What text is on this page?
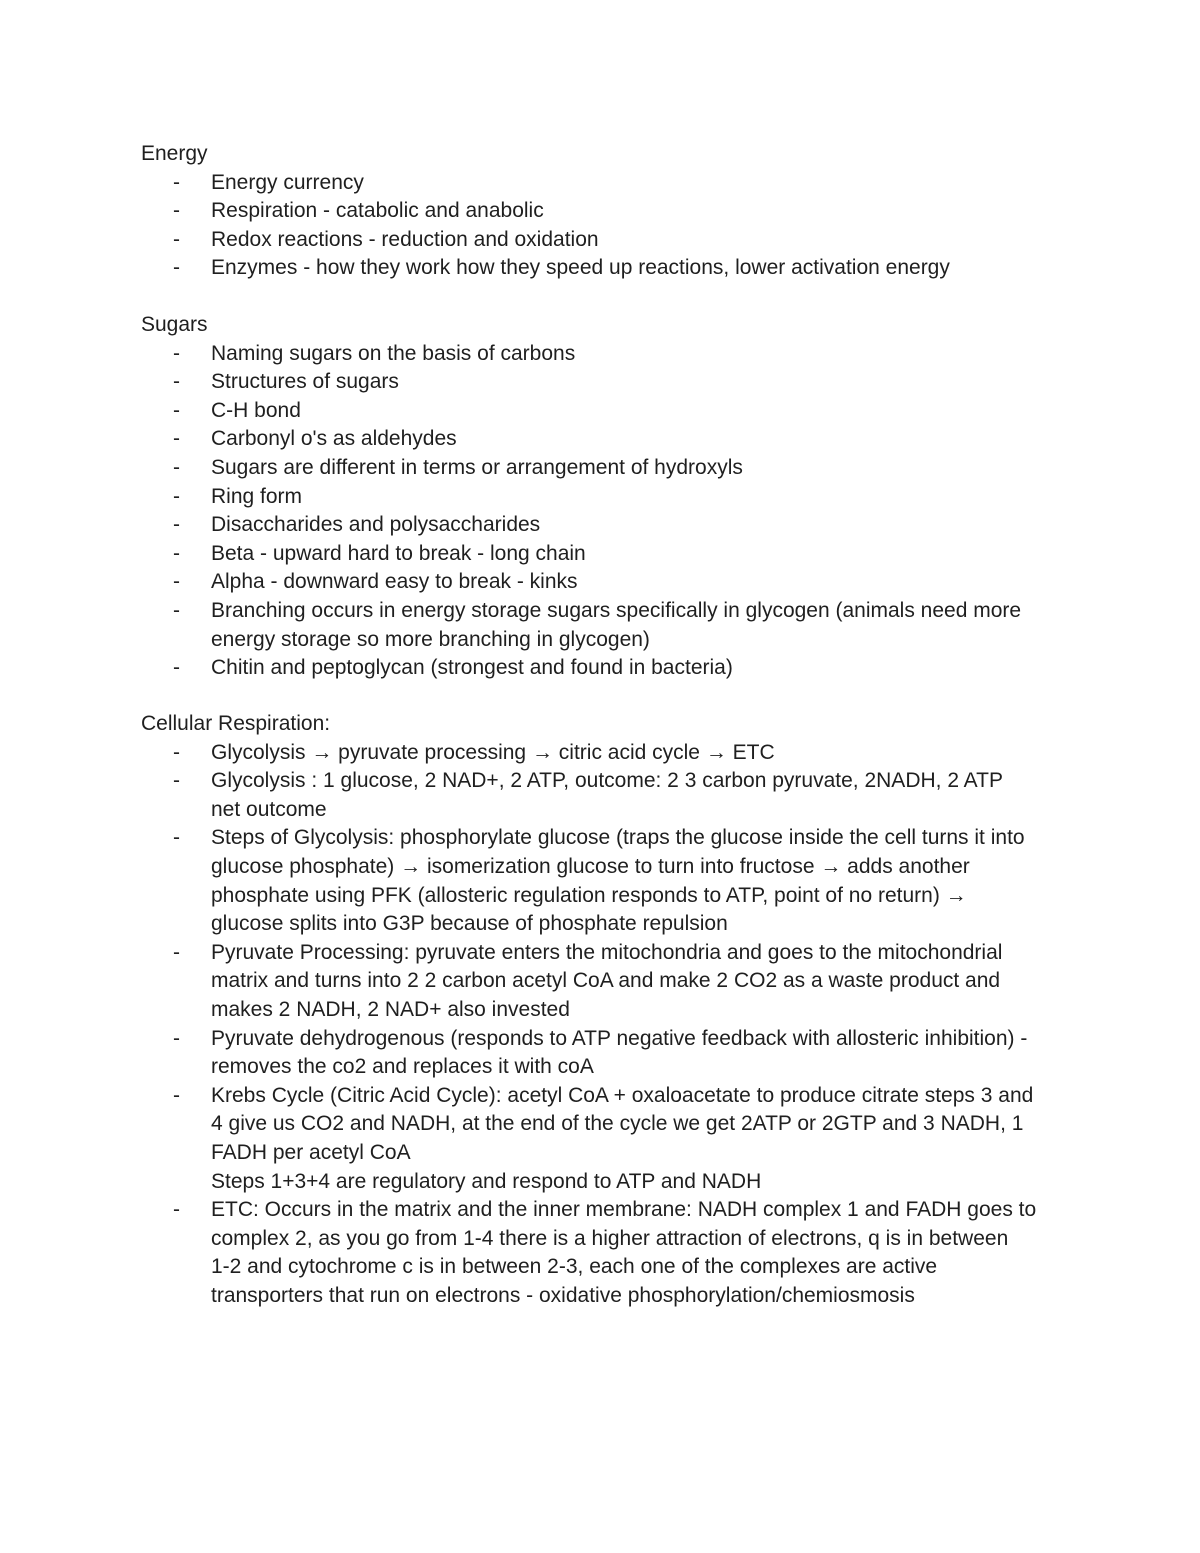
Energy
- Energy currency
- Respiration - catabolic and anabolic
- Redox reactions - reduction and oxidation
- Enzymes - how they work how they speed up reactions, lower activation energy
Sugars
- Naming sugars on the basis of carbons
- Structures of sugars
- C-H bond
- Carbonyl o's as aldehydes
- Sugars are different in terms or arrangement of hydroxyls
- Ring form
- Disaccharides and polysaccharides
- Beta - upward hard to break - long chain
- Alpha - downward easy to break - kinks
- Branching occurs in energy storage sugars specifically in glycogen (animals need more
energy storage so more branching in glycogen)
- Chitin and peptoglycan (strongest and found in bacteria)
Cellular Respiration:
- Glycolysis → pyruvate processing → citric acid cycle → ETC
- Glycolysis : 1 glucose, 2 NAD+, 2 ATP, outcome: 2 3 carbon pyruvate, 2NADH, 2 ATP
net outcome
- Steps of Glycolysis: phosphorylate glucose (traps the glucose inside the cell turns it into
glucose phosphate) → isomerization glucose to turn into fructose → adds another
phosphate using PFK (allosteric regulation responds to ATP, point of no return) →
glucose splits into G3P because of phosphate repulsion
- Pyruvate Processing: pyruvate enters the mitochondria and goes to the mitochondrial
matrix and turns into 2 2 carbon acetyl CoA and make 2 CO2 as a waste product and
makes 2 NADH, 2 NAD+ also invested
- Pyruvate dehydrogenous (responds to ATP negative feedback with allosteric inhibition) -
removes the co2 and replaces it with coA
- Krebs Cycle (Citric Acid Cycle): acetyl CoA + oxaloacetate to produce citrate steps 3 and
4 give us CO2 and NADH, at the end of the cycle we get 2ATP or 2GTP and 3 NADH, 1
FADH per acetyl CoA
Steps 1+3+4 are regulatory and respond to ATP and NADH
- ETC: Occurs in the matrix and the inner membrane: NADH complex 1 and FADH goes to
complex 2, as you go from 1-4 there is a higher attraction of electrons, q is in between
1-2 and cytochrome c is in between 2-3, each one of the complexes are active
transporters that run on electrons - oxidative phosphorylation/chemiosmosis
